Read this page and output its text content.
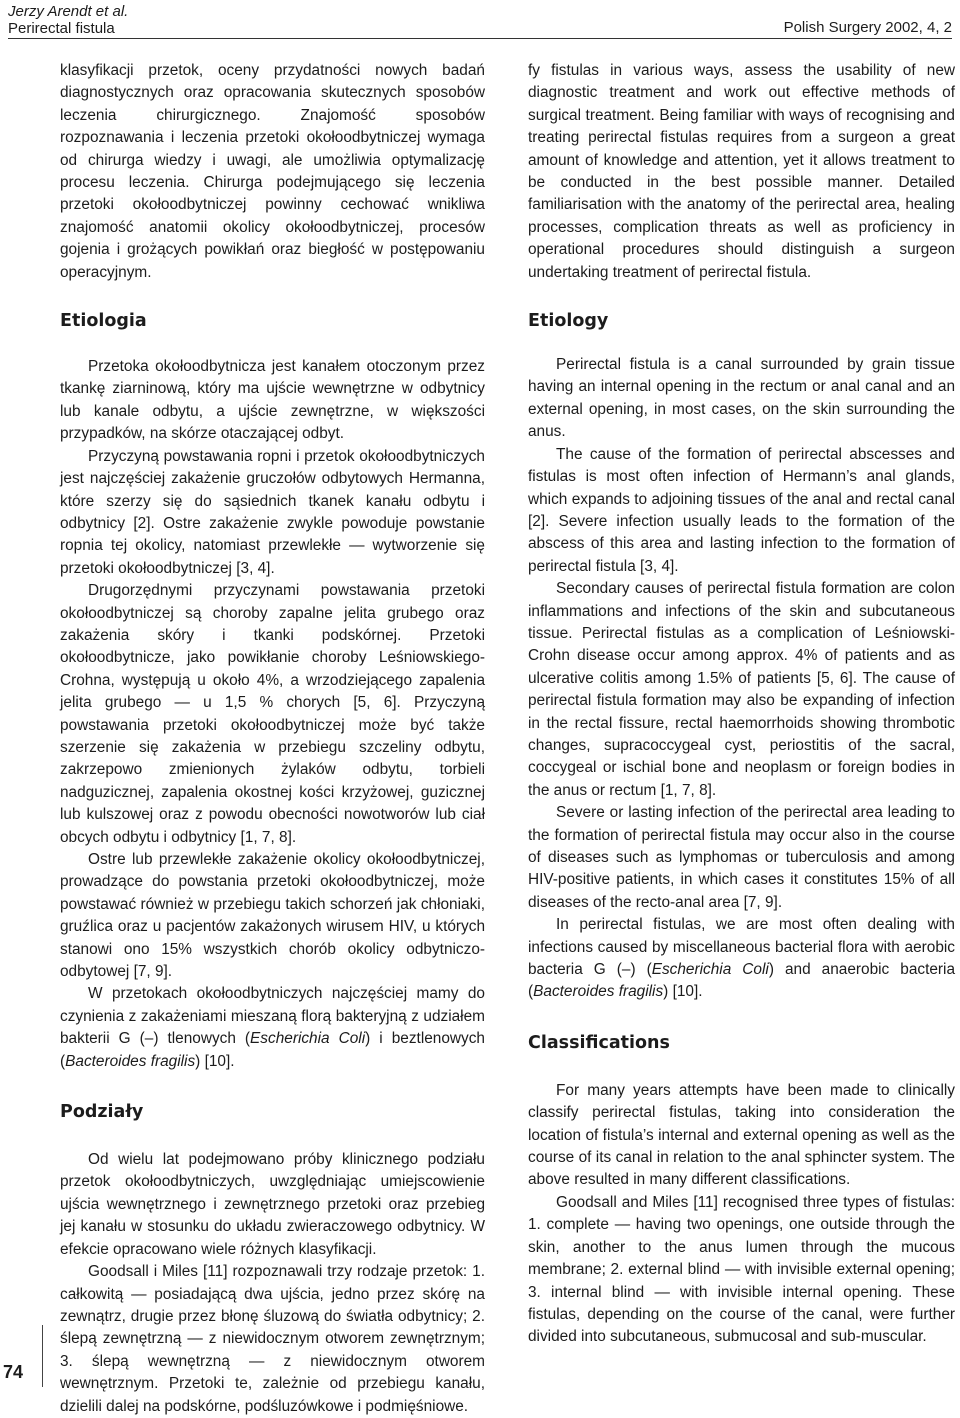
Jerzy Arendt et al.
Perirectal fistula	Polish Surgery 2002, 4, 2

klasyfikacji przetok, oceny przydatności nowych badań diagnostycznych oraz opracowania skutecznych sposobów leczenia chirurgicznego. Znajomość sposobów rozpoznawania i leczenia przetoki okołoodbytniczej wymaga od chirurga wiedzy i uwagi, ale umożliwia optymalizację procesu leczenia. Chirurga podejmującego się leczenia przetoki okołoodbytniczej powinny cechować wnikliwa znajomość anatomii okolicy okołoodbytniczej, procesów gojenia i grożących powikłań oraz biegłość w postępowaniu operacyjnym.

Etiologia

Przetoka okołoodbytnicza jest kanałem otoczonym przez tkankę ziarninową, który ma ujście wewnętrzne w odbytnicy lub kanale odbytu, a ujście zewnętrzne, w większości przypadków, na skórze otaczającej odbyt.

Przyczyną powstawania ropni i przetok okołoodbytniczych jest najczęściej zakażenie gruczołów odbytowych Hermanna, które szerzy się do sąsiednich tkanek kanału odbytu i odbytnicy [2]. Ostre zakażenie zwykle powoduje powstanie ropnia tej okolicy, natomiast przewlekłe — wytworzenie się przetoki okołoodbytniczej [3, 4].

Drugorzędnymi przyczynami powstawania przetoki okołoodbytniczej są choroby zapalne jelita grubego oraz zakażenia skóry i tkanki podskórnej. Przetoki okołoodbytnicze, jako powikłanie choroby Leśniowskiego-Crohna, występują u około 4%, a wrzodziejącego zapalenia jelita grubego — u 1,5 % chorych [5, 6]. Przyczyną powstawania przetoki okołoodbytniczej może być także szerzenie się zakażenia w przebiegu szczeliny odbytu, zakrzepowo zmienionych żylaków odbytu, torbieli nadguzicznej, zapalenia okostnej kości krzyżowej, guzicznej lub kulszowej oraz z powodu obecności nowotworów lub ciał obcych odbytu i odbytnicy [1, 7, 8].

Ostre lub przewlekłe zakażenie okolicy okołoodbytniczej, prowadzące do powstania przetoki okołoodbytniczej, może powstawać również w przebiegu takich schorzeń jak chłoniaki, gruźlica oraz u pacjentów zakażonych wirusem HIV, u których stanowi ono 15% wszystkich chorób okolicy odbytniczo-odbytowej [7, 9].

W przetokach okołoodbytniczych najczęściej mamy do czynienia z zakażeniami mieszaną florą bakteryjną z udziałem bakterii G (–) tlenowych (Escherichia Coli) i beztlenowych (Bacteroides fragilis) [10].

Podziały

Od wielu lat podejmowano próby klinicznego podziału przetok okołoodbytniczych, uwzględniając umiejscowienie ujścia wewnętrznego i zewnętrznego przetoki oraz przebieg jej kanału w stosunku do układu zwieraczowego odbytnicy. W efekcie opracowano wiele różnych klasyfikacji.

Goodsall i Miles [11] rozpoznawali trzy rodzaje przetok: 1. całkowitą — posiadającą dwa ujścia, jedno przez skórę na zewnątrz, drugie przez błonę śluzową do światła odbytnicy; 2. ślepą zewnętrzną — z niewidocznym otworem zewnętrznym; 3. ślepą wewnętrzną — z niewidocznym otworem wewnętrznym. Przetoki te, zależnie od przebiegu kanału, dzielili dalej na podskórne, podśluzówkowe i podmięśniowe.

fy fistulas in various ways, assess the usability of new diagnostic treatment and work out effective methods of surgical treatment. Being familiar with ways of recognising and treating perirectal fistulas requires from a surgeon a great amount of knowledge and attention, yet it allows treatment to be conducted in the best possible manner. Detailed familiarisation with the anatomy of the perirectal area, healing processes, complication threats as well as proficiency in operational procedures should distinguish a surgeon undertaking treatment of perirectal fistula.

Etiology

Perirectal fistula is a canal surrounded by grain tissue having an internal opening in the rectum or anal canal and an external opening, in most cases, on the skin surrounding the anus.

The cause of the formation of perirectal abscesses and fistulas is most often infection of Hermann’s anal glands, which expands to adjoining tissues of the anal and rectal canal [2]. Severe infection usually leads to the formation of the abscess of this area and lasting infection to the formation of perirectal fistula [3, 4].

Secondary causes of perirectal fistula formation are colon inflammations and infections of the skin and subcutaneous tissue. Perirectal fistulas as a complication of Leśniowski-Crohn disease occur among approx. 4% of patients and as ulcerative colitis among 1.5% of patients [5, 6]. The cause of perirectal fistula formation may also be expanding of infection in the rectal fissure, rectal haemorrhoids showing thrombotic changes, supracoccygeal cyst, periostitis of the sacral, coccygeal or ischial bone and neoplasm or foreign bodies in the anus or rectum [1, 7, 8].

Severe or lasting infection of the perirectal area leading to the formation of perirectal fistula may occur also in the course of diseases such as lymphomas or tuberculosis and among HIV-positive patients, in which cases it constitutes 15% of all diseases of the recto-anal area [7, 9].

In perirectal fistulas, we are most often dealing with infections caused by miscellaneous bacterial flora with aerobic bacteria G (–) (Escherichia Coli) and anaerobic bacteria (Bacteroides fragilis) [10].

Classifications

For many years attempts have been made to clinically classify perirectal fistulas, taking into consideration the location of fistula’s internal and external opening as well as the course of its canal in relation to the anal sphincter system. The above resulted in many different classifications.

Goodsall and Miles [11] recognised three types of fistulas: 1. complete — having two openings, one outside through the skin, another to the anus lumen through the mucous membrane; 2. external blind — with invisible external opening; 3. internal blind — with invisible internal opening. These fistulas, depending on the course of the canal, were further divided into subcutaneous, submucosal and sub-muscular.

74
